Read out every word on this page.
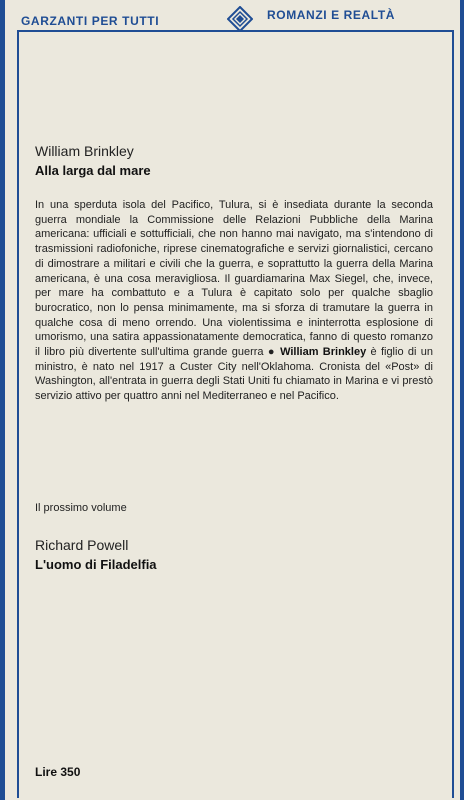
GARZANTI PER TUTTI	ROMANZI E REALTÀ
William Brinkley
Alla larga dal mare
In una sperduta isola del Pacifico, Tulura, si è insediata durante la seconda guerra mondiale la Commissione delle Relazioni Pubbliche della Marina americana: ufficiali e sottufficiali, che non hanno mai navigato, ma s'intendono di trasmissioni radiofoniche, riprese cinematografiche e servizi giornalistici, cercano di dimostrare a militari e civili che la guerra, e soprattutto la guerra della Marina americana, è una cosa meravigliosa. Il guardiamarina Max Siegel, che, invece, per mare ha combattuto e a Tulura è capitato solo per qualche sbaglio burocratico, non lo pensa minimamente, ma si sforza di tramutare la guerra in qualche cosa di meno orrendo. Una violentissima e ininterrotta esplosione di umorismo, una satira appassionatamente democratica, fanno di questo romanzo il libro più divertente sull'ultima grande guerra ● William Brinkley è figlio di un ministro, è nato nel 1917 a Custer City nell'Oklahoma. Cronista del «Post» di Washington, all'entrata in guerra degli Stati Uniti fu chiamato in Marina e vi prestò servizio attivo per quattro anni nel Mediterraneo e nel Pacifico.
Il prossimo volume
Richard Powell
L'uomo di Filadelfia
Lire 350
